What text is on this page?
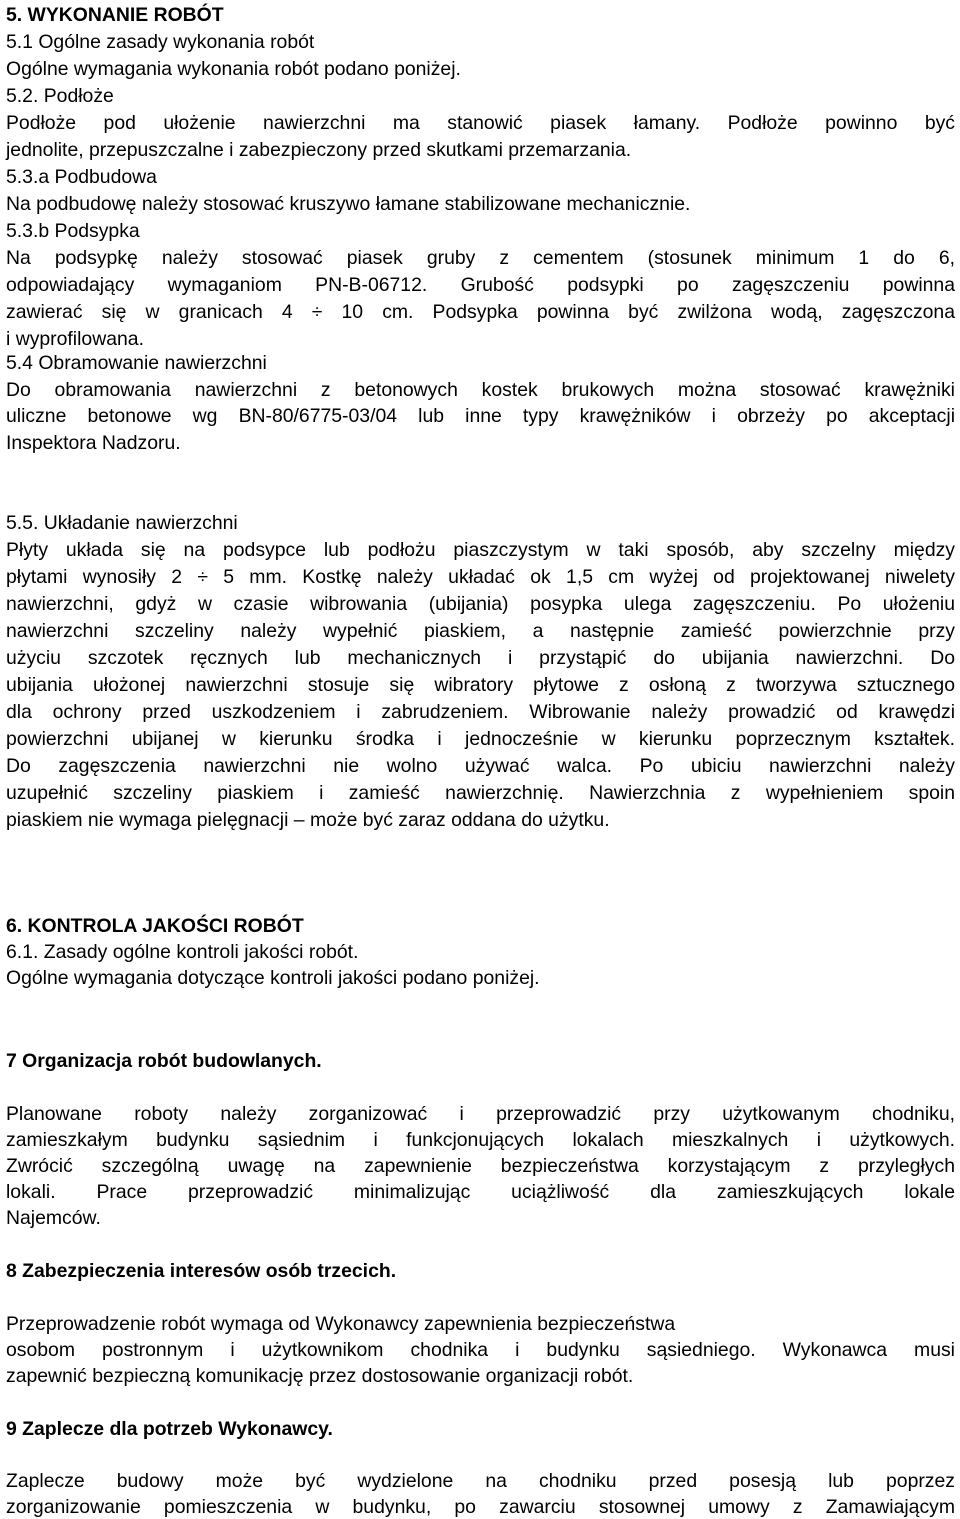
5. WYKONANIE ROBÓT
5.1 Ogólne zasady wykonania robót
Ogólne wymagania wykonania robót podano poniżej.
5.2. Podłoże
Podłoże pod ułożenie nawierzchni ma stanowić piasek łamany. Podłoże powinno być
jednolite, przepuszczalne i zabezpieczony przed skutkami przemarzania.
5.3.a Podbudowa
Na podbudowę należy stosować kruszywo łamane stabilizowane mechanicznie.
5.3.b Podsypka
Na podsypkę należy stosować piasek gruby z cementem (stosunek minimum 1 do 6,
odpowiadający wymaganiom PN-B-06712. Grubość podsypki po zagęszczeniu powinna
zawierać się w granicach 4 ÷ 10 cm. Podsypka powinna być zwilżona wodą, zagęszczona
i wyprofilowana.
5.4 Obramowanie nawierzchni
Do obramowania nawierzchni z betonowych kostek brukowych można stosować krawężniki
uliczne betonowe wg BN-80/6775-03/04 lub inne typy krawężników i obrzeży po akceptacji
Inspektora Nadzoru.
5.5. Układanie nawierzchni
Płyty układa się na podsypce lub podłożu piaszczystym w taki sposób, aby szczelny między
płytami wynosiły 2 ÷ 5 mm. Kostkę należy układać ok 1,5 cm wyżej od projektowanej niwelety
nawierzchni, gdyż w czasie wibrowania (ubijania) posypka ulega zagęszczeniu. Po ułożeniu
nawierzchni szczeliny należy wypełnić piaskiem, a następnie zamieść powierzchnie przy
użyciu szczotek ręcznych lub mechanicznych i przystąpić do ubijania nawierzchni. Do
ubijania ułożonej nawierzchni stosuje się wibratory płytowe z osłoną z tworzywa sztucznego
dla ochrony przed uszkodzeniem i zabrudzeniem. Wibrowanie należy prowadzić od krawędzi
powierzchni ubijanej w kierunku środka i jednocześnie w kierunku poprzecznym kształtek.
Do zagęszczenia nawierzchni nie wolno używać walca. Po ubiciu nawierzchni należy
uzupełnić szczeliny piaskiem i zamieść nawierzchnię. Nawierzchnia z wypełnieniem spoin
piaskiem nie wymaga pielęgnacji – może być zaraz oddana do użytku.
6. KONTROLA JAKOŚCI ROBÓT
6.1. Zasady ogólne kontroli jakości robót.
Ogólne wymagania dotyczące kontroli jakości podano poniżej.
7 Organizacja robót budowlanych.
Planowane roboty należy zorganizować i przeprowadzić przy użytkowanym chodniku,
zamieszkałym budynku sąsiednim i funkcjonujących lokalach mieszkalnych i użytkowych.
Zwrócić szczególną uwagę na zapewnienie bezpieczeństwa korzystającym z przyległych
lokali. Prace przeprowadzić minimalizując uciążliwość dla zamieszkujących lokale
Najemców.
8 Zabezpieczenia interesów osób trzecich.
Przeprowadzenie robót wymaga od Wykonawcy zapewnienia bezpieczeństwa
osobom postronnym i użytkownikom chodnika i budynku sąsiedniego. Wykonawca musi
zapewnić bezpieczną komunikację przez dostosowanie organizacji robót.
9 Zaplecze dla potrzeb Wykonawcy.
Zaplecze budowy może być wydzielone na chodniku przed posesją lub poprzez
zorganizowanie pomieszczenia w budynku, po zawarciu stosownej umowy z Zamawiającym
